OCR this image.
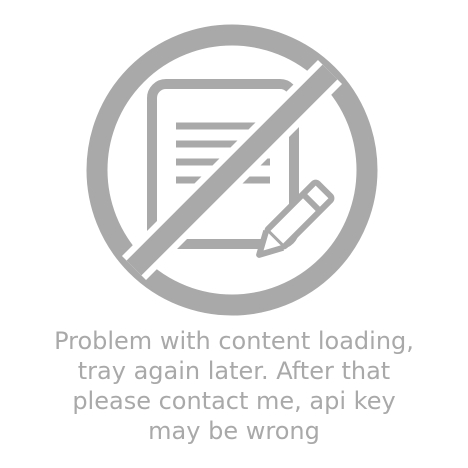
Problem with content loading,
tray again later. After that
please contact me, api key
may be wrong
